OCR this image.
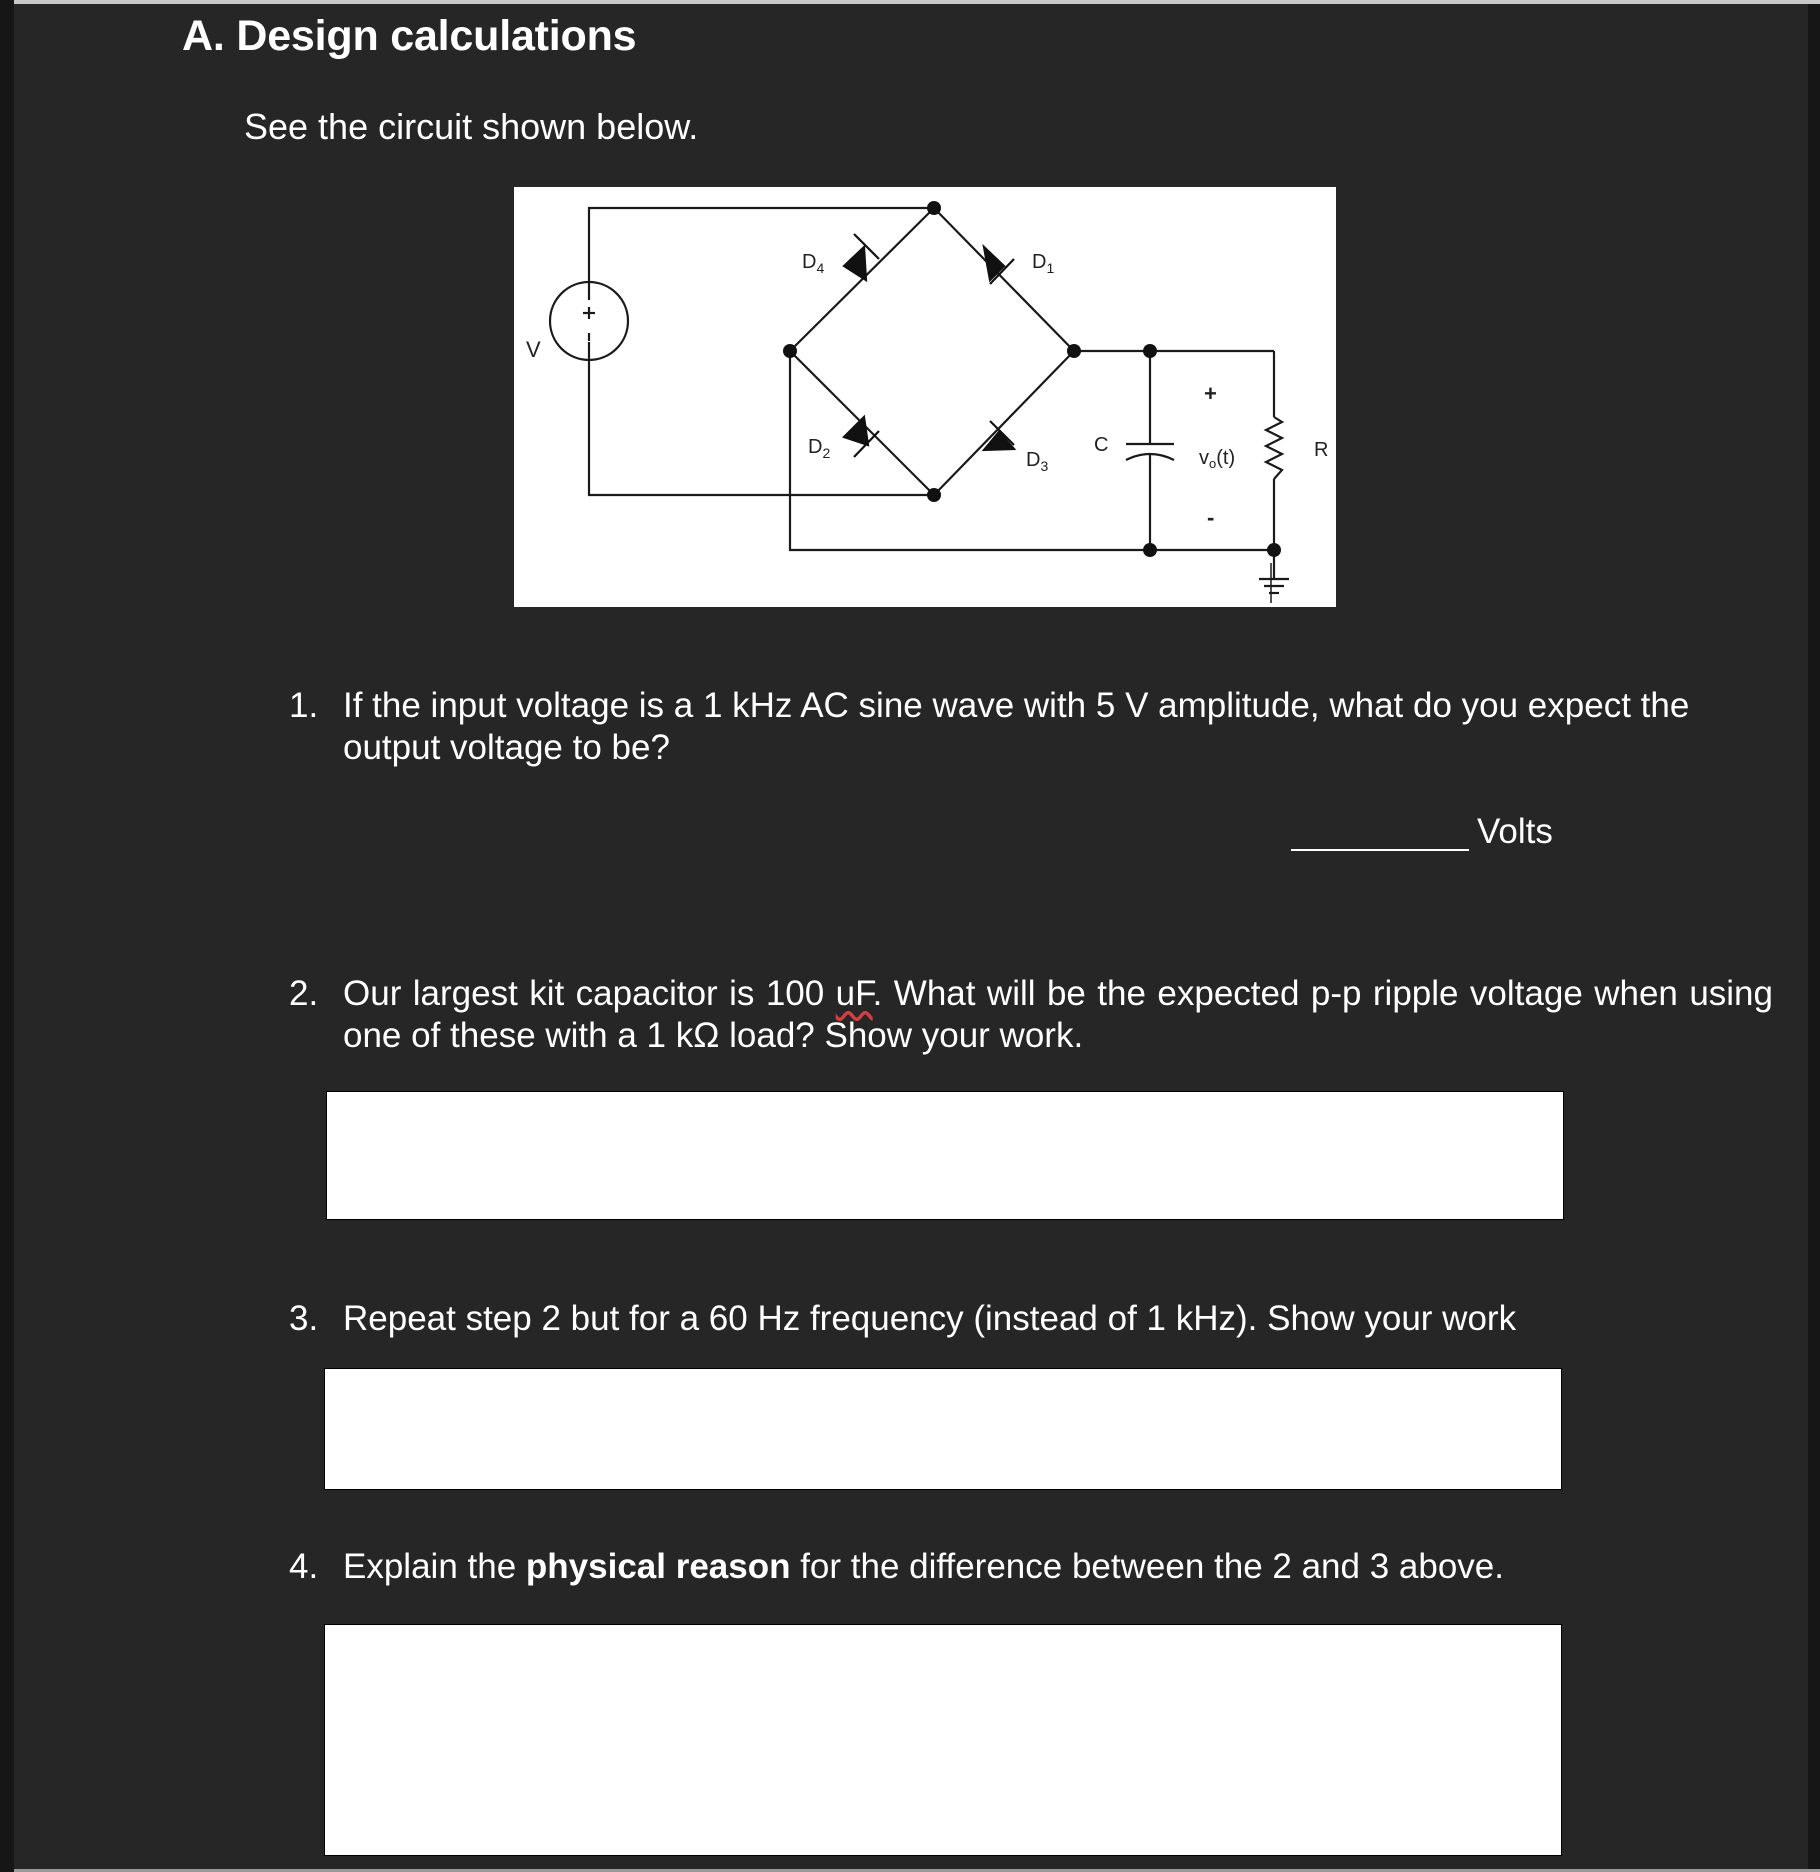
A. Design calculations
See the circuit shown below.
V
$D_4$	$D_1$
$D_2$	$D_3$
C
+
$v_o(t)$
-
R
1. If the input voltage is a 1 kHz AC sine wave with 5 V amplitude, what do you expect the output voltage to be?
Volts
2. Our largest kit capacitor is 100 uF. What will be the expected p-p ripple voltage when using one of these with a 1 kΩ load? Show your work.
3. Repeat step 2 but for a 60 Hz frequency (instead of 1 kHz). Show your work
4. Explain the physical reason for the difference between the 2 and 3 above.
